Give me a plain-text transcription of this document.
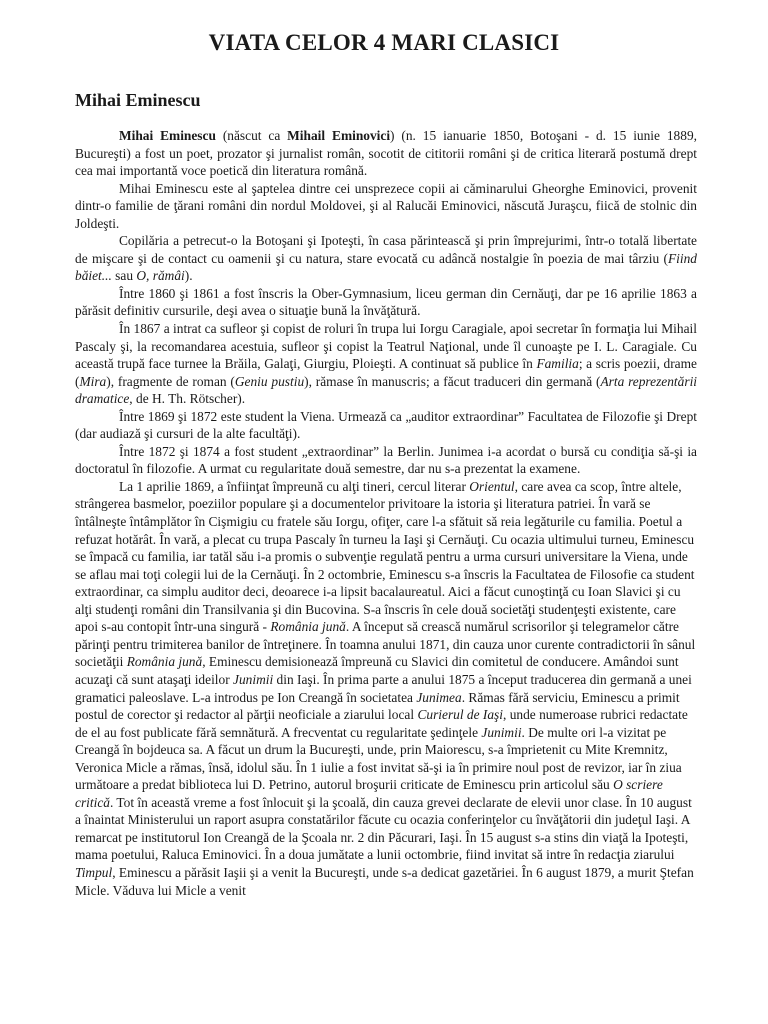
VIATA CELOR 4 MARI CLASICI
Mihai Eminescu

Mihai Eminescu (născut ca Mihail Eminovici) (n. 15 ianuarie 1850, Botoşani - d. 15 iunie 1889, Bucureşti) a fost un poet, prozator şi jurnalist român, socotit de cititorii români şi de critica literară postumă drept cea mai importantă voce poetică din literatura română.

Mihai Eminescu este al şaptelea dintre cei unsprezece copii ai căminarului Gheorghe Eminovici, provenit dintr-o familie de ţărani români din nordul Moldovei, şi al Ralucăi Eminovici, născută Juraşcu, fiică de stolnic din Joldeşti.

Copilăria a petrecut-o la Botoşani şi Ipoteşti, în casa părintească şi prin împrejurimi, într-o totală libertate de mişcare şi de contact cu oamenii şi cu natura, stare evocată cu adâncă nostalgie în poezia de mai târziu (Fiind băiet... sau O, rămâi).

Între 1860 şi 1861 a fost înscris la Ober-Gymnasium, liceu german din Cernăuţi, dar pe 16 aprilie 1863 a părăsit definitiv cursurile, deşi avea o situaţie bună la învăţătură.

În 1867 a intrat ca sufleor şi copist de roluri în trupa lui Iorgu Caragiale, apoi secretar în formaţia lui Mihail Pascaly şi, la recomandarea acestuia, sufleor şi copist la Teatrul Naţional, unde îl cunoaşte pe I. L. Caragiale. Cu această trupă face turnee la Brăila, Galaţi, Giurgiu, Ploieşti. A continuat să publice în Familia; a scris poezii, drame (Mira), fragmente de roman (Geniu pustiu), rămase în manuscris; a făcut traduceri din germană (Arta reprezentării dramatice, de H. Th. Rötscher).

Între 1869 şi 1872 este student la Viena. Urmează ca „auditor extraordinar” Facultatea de Filozofie şi Drept (dar audiază şi cursuri de la alte facultăţi).

Între 1872 şi 1874 a fost student „extraordinar” la Berlin. Junimea i-a acordat o bursă cu condiţia să-şi ia doctoratul în filozofie. A urmat cu regularitate două semestre, dar nu s-a prezentat la examene.

La 1 aprilie 1869, a înfiinţat împreună cu alţi tineri, cercul literar Orientul, care avea ca scop, între altele, strângerea basmelor, poeziilor populare şi a documentelor privitoare la istoria şi literatura patriei. În vară se întâlneşte întâmplător în Cişmigiu cu fratele său Iorgu, ofiţer, care l-a sfătuit să reia legăturile cu familia. Poetul a refuzat hotărât. În vară, a plecat cu trupa Pascaly în turneu la Iaşi şi Cernăuţi. Cu ocazia ultimului turneu, Eminescu se împacă cu familia, iar tatăl său i-a promis o subvenţie regulată pentru a urma cursuri universitare la Viena, unde se aflau mai toţi colegii lui de la Cernăuţi. În 2 octombrie, Eminescu s-a înscris la Facultatea de Filosofie ca student extraordinar, ca simplu auditor deci, deoarece i-a lipsit bacalaureatul. Aici a făcut cunoştinţă cu Ioan Slavici şi cu alţi studenţi români din Transilvania şi din Bucovina. S-a înscris în cele două societăţi studenţeşti existente, care apoi s-au contopit într-una singură - România jună. A început să crească numărul scrisorilor şi telegramelor către părinţi pentru trimiterea banilor de întreţinere. În toamna anului 1871, din cauza unor curente contradictorii în sânul societăţii România jună, Eminescu demisionează împreună cu Slavici din comitetul de conducere. Amândoi sunt acuzaţi că sunt ataşaţi ideilor Junimii din Iaşi. În prima parte a anului 1875 a început traducerea din germană a unei gramatici paleoslave. L-a introdus pe Ion Creangă în societatea Junimea. Rămas fără serviciu, Eminescu a primit postul de corector şi redactor al părţii neoficiale a ziarului local Curierul de Iaşi, unde numeroase rubrici redactate de el au fost publicate fără semnătură. A frecventat cu regularitate şedinţele Junimii. De multe ori l-a vizitat pe Creangă în bojdeuca sa. A făcut un drum la Bucureşti, unde, prin Maiorescu, s-a împrietenit cu Mite Kremnitz, Veronica Micle a rămas, însă, idolul său. În 1 iulie a fost invitat să-şi ia în primire noul post de revizor, iar în ziua următoare a predat biblioteca lui D. Petrino, autorul broşurii criticate de Eminescu prin articolul său O scriere critică. Tot în această vreme a fost înlocuit şi la şcoală, din cauza grevei declarate de elevii unor clase. În 10 august a înaintat Ministerului un raport asupra constatărilor făcute cu ocazia conferinţelor cu învăţătorii din judeţul Iaşi. A remarcat pe institutorul Ion Creangă de la Şcoala nr. 2 din Păcurari, Iaşi. În 15 august s-a stins din viaţă la Ipoteşti, mama poetului, Raluca Eminovici. În a doua jumătate a lunii octombrie, fiind invitat să intre în redacţia ziarului Timpul, Eminescu a părăsit Iaşii şi a venit la Bucureşti, unde s-a dedicat gazetăriei. În 6 august 1879, a murit Ştefan Micle. Văduva lui Micle a venit
